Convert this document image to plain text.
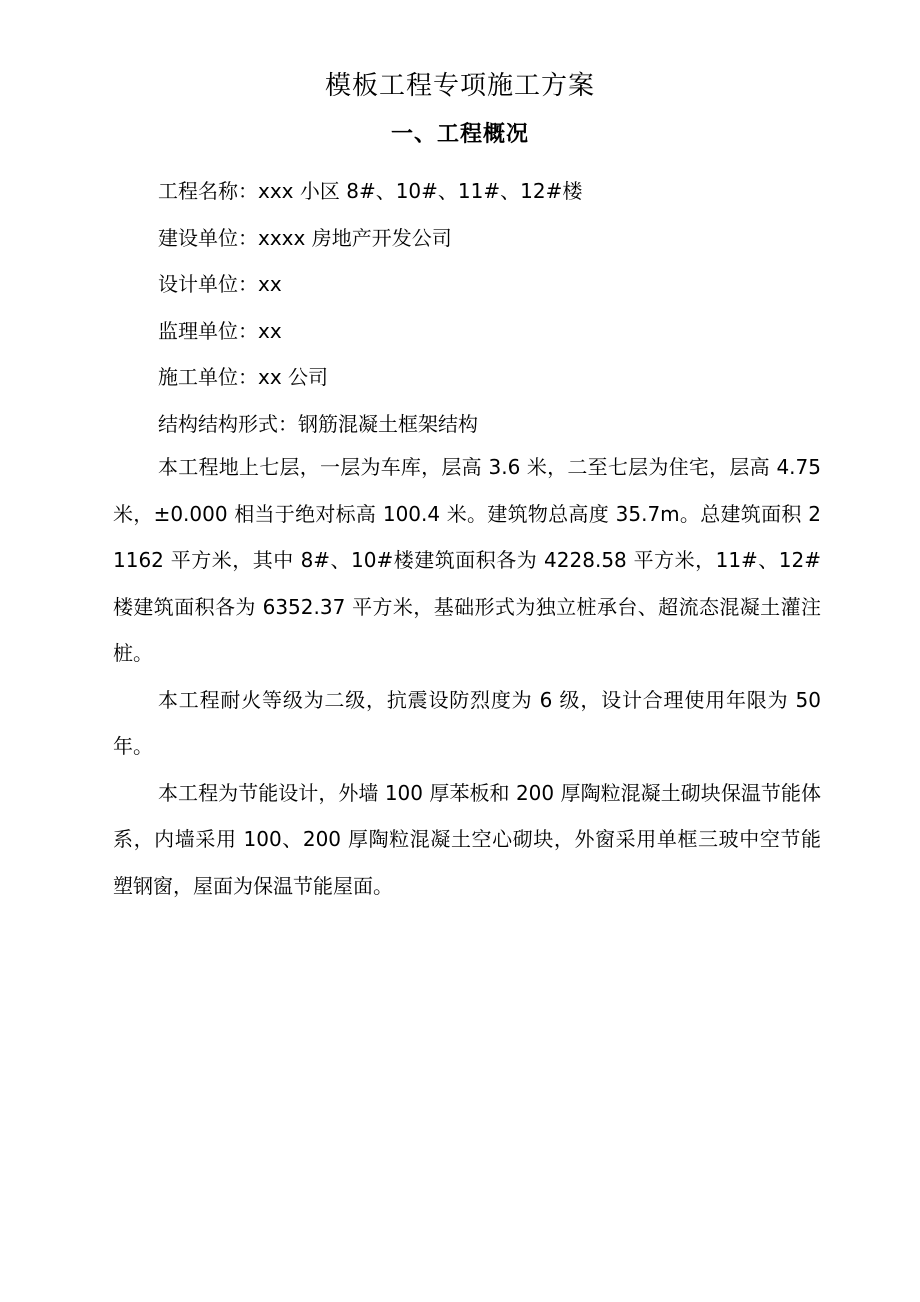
模板工程专项施工方案
一、工程概况
工程名称：xxx 小区 8#、10#、11#、12#楼
建设单位：xxxx 房地产开发公司
设计单位：xx
监理单位：xx
施工单位：xx 公司
结构结构形式：钢筋混凝土框架结构

本工程地上七层，一层为车库，层高 3.6 米，二至七层为住宅，层高 4.75 米，±0.000 相当于绝对标高 100.4 米。建筑物总高度 35.7m。总建筑面积 21162 平方米，其中 8#、10#楼建筑面积各为 4228.58 平方米，11#、12#楼建筑面积各为 6352.37 平方米，基础形式为独立桩承台、超流态混凝土灌注桩。

本工程耐火等级为二级，抗震设防烈度为 6 级，设计合理使用年限为 50 年。

本工程为节能设计，外墙 100 厚苯板和 200 厚陶粒混凝土砌块保温节能体系，内墙采用 100、200 厚陶粒混凝土空心砌块，外窗采用单框三玻中空节能塑钢窗，屋面为保温节能屋面。
